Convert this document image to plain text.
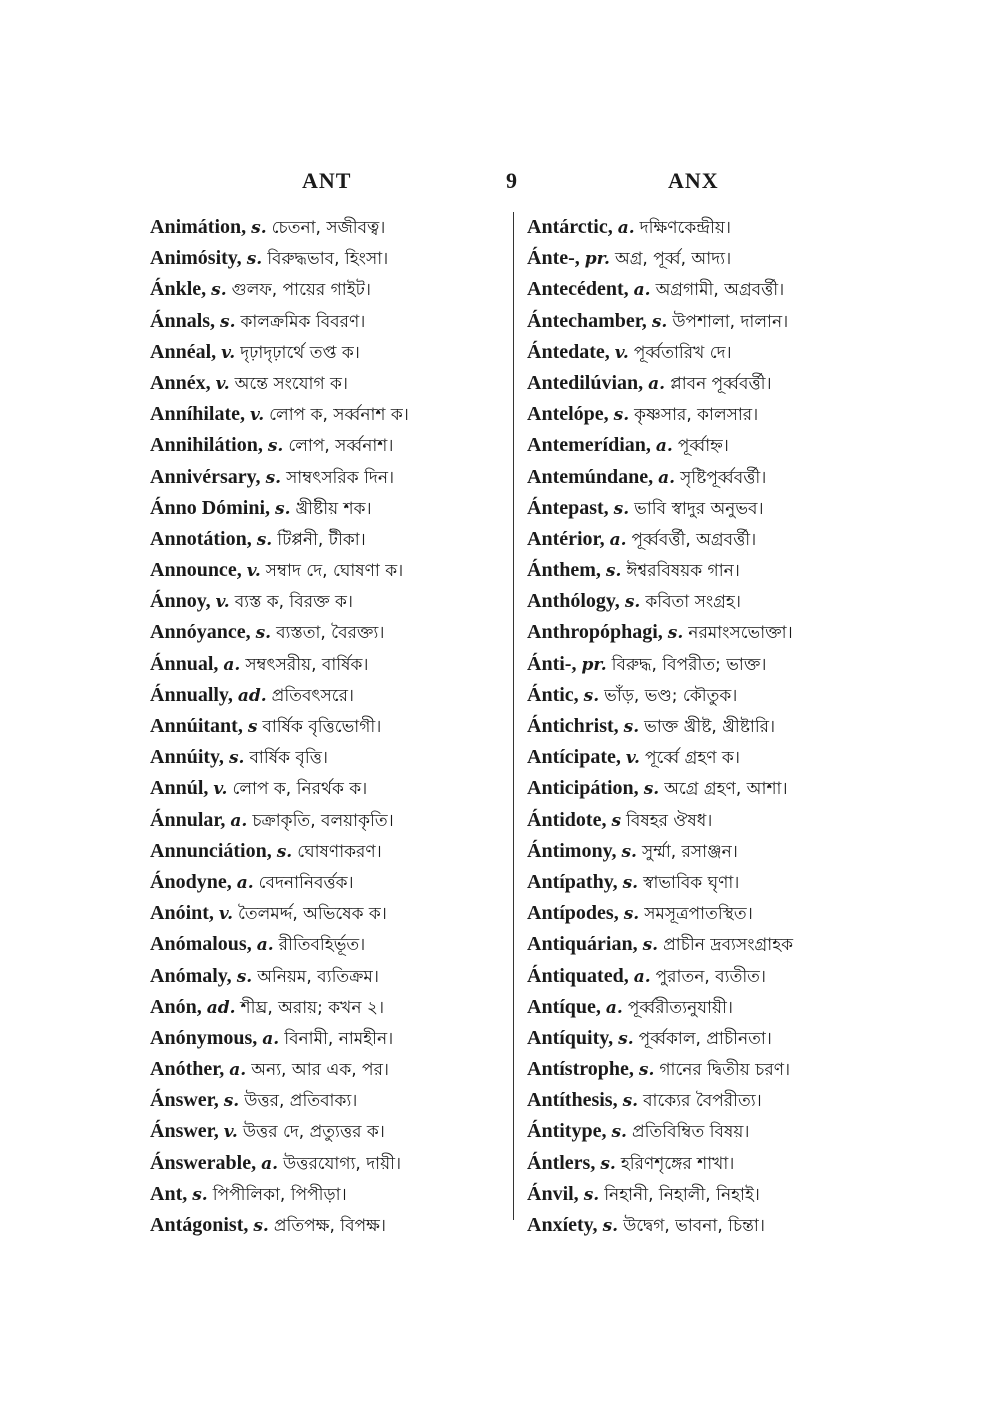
ANT	9	ANX
Animátion, s. চেতনা, সজীবত্ব।
Animósity, s. বিরুদ্ধভাব, হিংসা।
Ánkle, s. গুলফ, পায়ের গাইট।
Ánnals, s. কালক্রমিক বিবরণ।
Annéal, v. দৃঢ়াদৃঢ়ার্থে তপ্ত ক।
Annéx, v. অন্তে সংযোগ ক।
Anníhilate, v. লোপ ক, সর্ব্বনাশ ক।
Annihilátion, s. লোপ, সর্ব্বনাশ।
Annivérsary, s. সাম্বৎসরিক দিন।
Ánno Dómini, s. খ্রীষ্টীয় শক।
Annotátion, s. টিপ্পনী, টীকা।
Announce, v. সম্বাদ দে, ঘোষণা ক।
Ánnoy, v. ব্যস্ত ক, বিরক্ত ক।
Annóyance, s. ব্যস্ততা, বৈরক্ত্য।
Ánnual, a. সম্বৎসরীয়, বার্ষিক।
Ánnually, ad. প্রতিবৎসরে।
Annúitant, s বার্ষিক বৃত্তিভোগী।
Annúity, s. বার্ষিক বৃত্তি।
Annúl, v. লোপ ক, নিরর্থক ক।
Ánnular, a. চক্রাকৃতি, বলয়াকৃতি।
Annunciátion, s. ঘোষণাকরণ।
Ánodyne, a. বেদনানিবর্ত্তক।
Anóint, v. তৈলমর্দ্দ, অভিষেক ক।
Anómalous, a. রীতিবহির্ভূত।
Anómaly, s. অনিয়ম, ব্যতিক্রম।
Anón, ad. শীঘ্র, অরায়; কখন ২।
Anónymous, a. বিনামী, নামহীন।
Anóther, a. অন্য, আর এক, পর।
Ánswer, s. উত্তর, প্রতিবাক্য।
Ánswer, v. উত্তর দে, প্রত্যুত্তর ক।
Ánswerable, a. উত্তরযোগ্য, দায়ী।
Ant, s. পিপীলিকা, পিপীড়া।
Antágonist, s. প্রতিপক্ষ, বিপক্ষ।
Antárctic, a. দক্ষিণকেন্দ্রীয়।
Ánte-, pr. অগ্র, পূর্ব্ব, আদ্য।
Antecédent, a. অগ্রগামী, অগ্রবর্ত্তী।
Ántechamber, s. উপশালা, দালান।
Ántedate, v. পূর্ব্বতারিখ দে।
Antedilúvian, a. প্লাবন পূর্ব্ববর্ত্তী।
Antelópe, s. কৃষ্ণসার, কালসার।
Antemerídian, a. পূর্ব্বাহ্ন।
Antemúndane, a. সৃষ্টিপূর্ব্ববর্ত্তী।
Ántepast, s. ভাবি স্বাদুর অনুভব।
Antérior, a. পূর্ব্ববর্ত্তী, অগ্রবর্ত্তী।
Ánthem, s. ঈশ্বরবিষয়ক গান।
Anthólogy, s. কবিতা সংগ্রহ।
Anthropóphagi, s. নরমাংসভোক্তা।
Ánti-, pr. বিরুদ্ধ, বিপরীত; ভাক্ত।
Ántic, s. ভাঁড়, ভণ্ড; কৌতুক।
Ántichrist, s. ভাক্ত খ্রীষ্ট, খ্রীষ্টারি।
Antícipate, v. পূর্ব্বে গ্রহণ ক।
Anticipátion, s. অগ্রে গ্রহণ, আশা।
Ántidote, s বিষহর ঔষধ।
Ántimony, s. সুর্ম্মা, রসাঞ্জন।
Antípathy, s. স্বাভাবিক ঘৃণা।
Antípodes, s. সমসূত্রপাতস্থিত।
Antiquárian, s. প্রাচীন দ্রব্যসংগ্রাহক
Ántiquated, a. পুরাতন, ব্যতীত।
Antíque, a. পূর্ব্বরীত্যনুযায়ী।
Antíquity, s. পূর্ব্বকাল, প্রাচীনতা।
Antístrophe, s. গানের দ্বিতীয় চরণ।
Antíthesis, s. বাক্যের বৈপরীত্য।
Ántitype, s. প্রতিবিম্বিত বিষয়।
Ántlers, s. হরিণশৃঙ্গের শাখা।
Ánvil, s. নিহানী, নিহালী, নিহাই।
Anxíety, s. উদ্বেগ, ভাবনা, চিন্তা।
